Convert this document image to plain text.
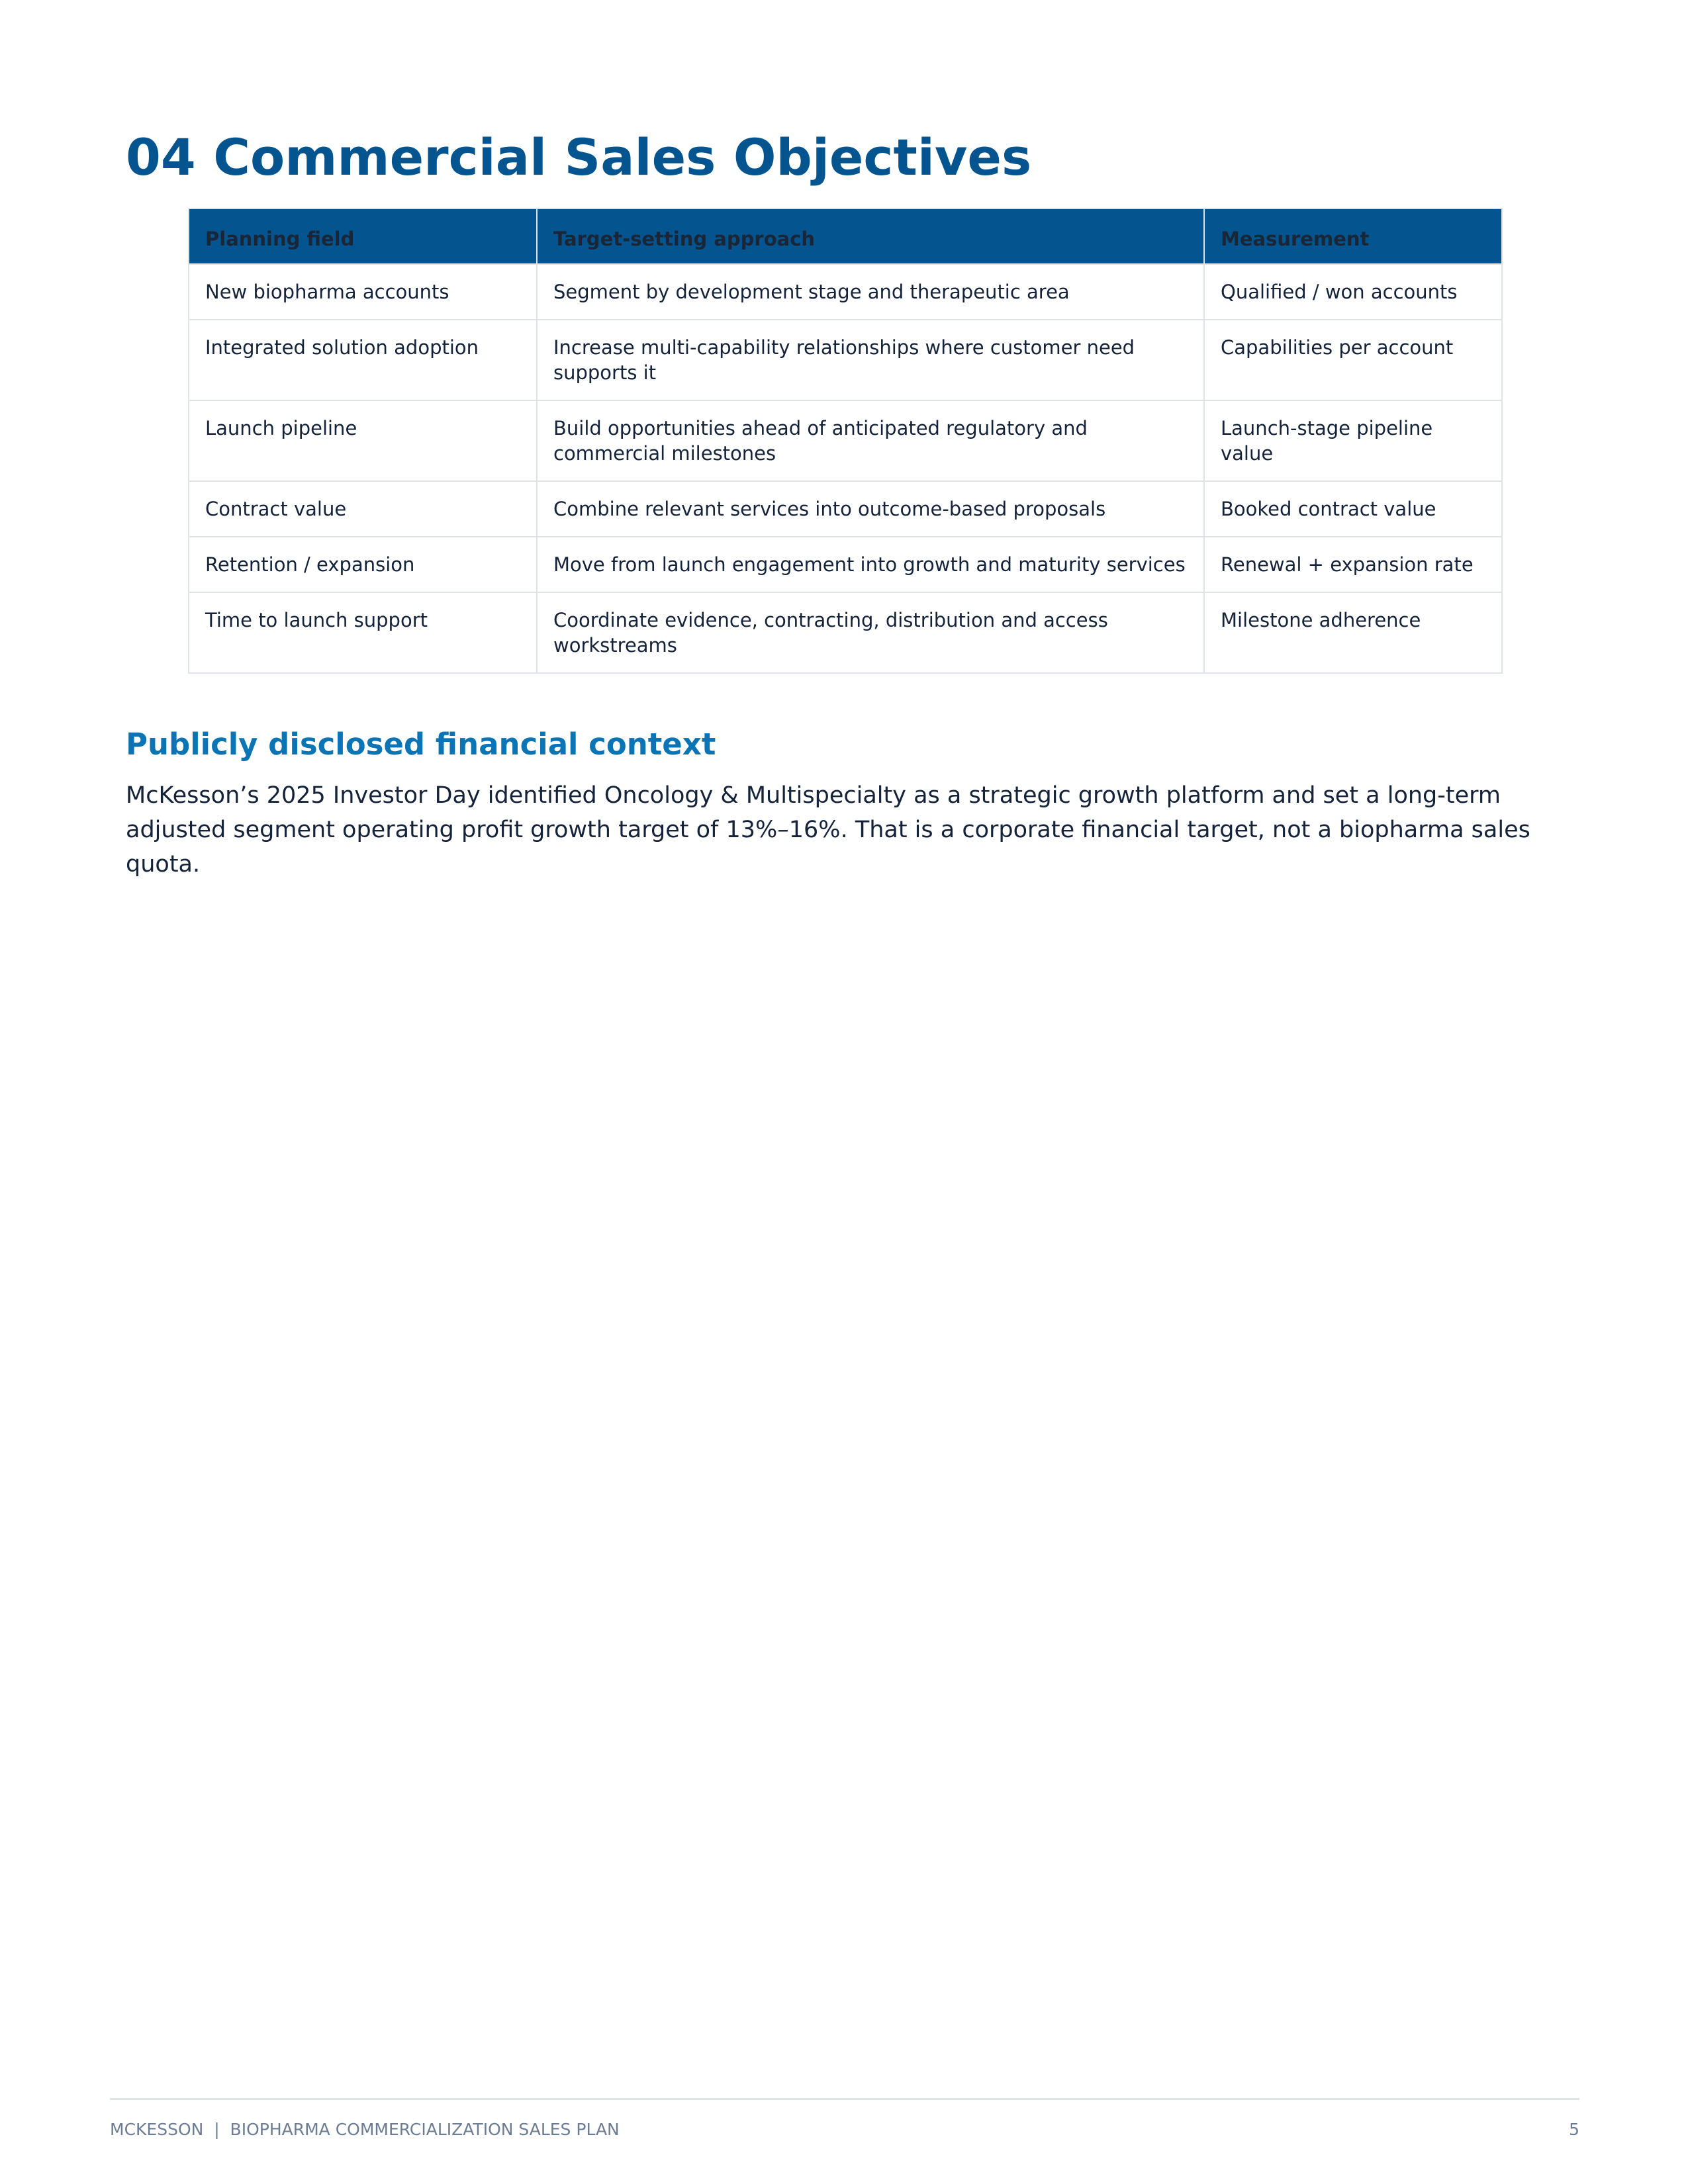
04 Commercial Sales Objectives
Planning field	Target-setting approach	Measurement
New biopharma accounts	Segment by development stage and therapeutic area	Qualified / won accounts
Integrated solution adoption	Increase multi-capability relationships where customer need supports it	Capabilities per account
Launch pipeline	Build opportunities ahead of anticipated regulatory and commercial milestones	Launch-stage pipeline value
Contract value	Combine relevant services into outcome-based proposals	Booked contract value
Retention / expansion	Move from launch engagement into growth and maturity services	Renewal + expansion rate
Time to launch support	Coordinate evidence, contracting, distribution and access workstreams	Milestone adherence
Publicly disclosed financial context

McKesson’s 2025 Investor Day identified Oncology & Multispecialty as a strategic growth platform and set a long-term adjusted segment operating profit growth target of 13%–16%. That is a corporate financial target, not a biopharma sales quota.

MCKESSON  |  BIOPHARMA COMMERCIALIZATION SALES PLAN	5
